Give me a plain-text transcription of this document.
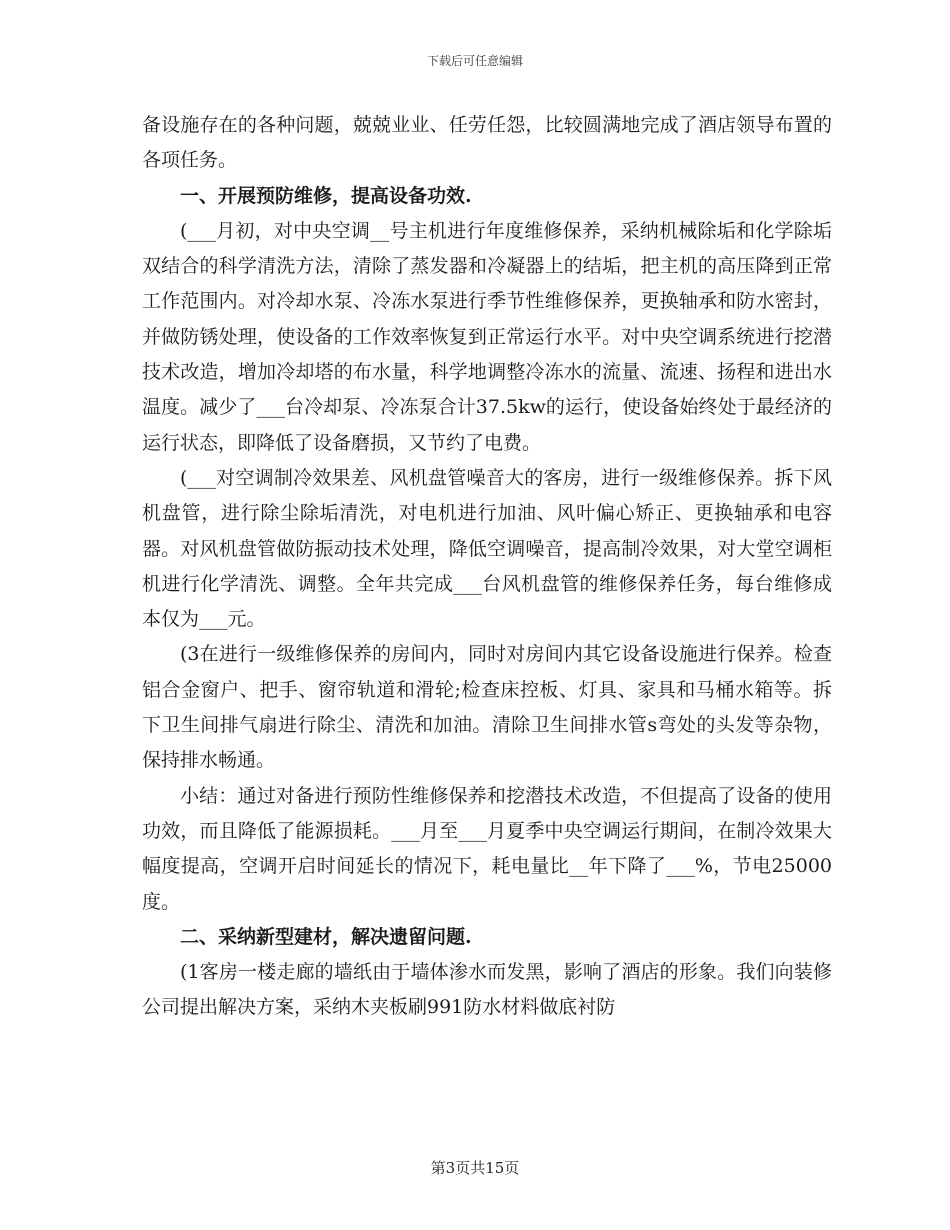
下载后可任意编辑

备设施存在的各种问题，兢兢业业、任劳任怨，比较圆满地完成了酒店领导布置的各项任务。

一、开展预防维修，提高设备功效.

(___月初，对中央空调__号主机进行年度维修保养，采纳机械除垢和化学除垢双结合的科学清洗方法，清除了蒸发器和冷凝器上的结垢，把主机的高压降到正常工作范围内。对冷却水泵、冷冻水泵进行季节性维修保养，更换轴承和防水密封，并做防锈处理，使设备的工作效率恢复到正常运行水平。对中央空调系统进行挖潜技术改造，增加冷却塔的布水量，科学地调整冷冻水的流量、流速、扬程和进出水温度。减少了___台冷却泵、冷冻泵合计37.5kw的运行，使设备始终处于最经济的运行状态，即降低了设备磨损，又节约了电费。

(___对空调制冷效果差、风机盘管噪音大的客房，进行一级维修保养。拆下风机盘管，进行除尘除垢清洗，对电机进行加油、风叶偏心矫正、更换轴承和电容器。对风机盘管做防振动技术处理，降低空调噪音，提高制冷效果，对大堂空调柜机进行化学清洗、调整。全年共完成___台风机盘管的维修保养任务，每台维修成本仅为___元。

(3在进行一级维修保养的房间内，同时对房间内其它设备设施进行保养。检查铝合金窗户、把手、窗帘轨道和滑轮;检查床控板、灯具、家具和马桶水箱等。拆下卫生间排气扇进行除尘、清洗和加油。清除卫生间排水管s弯处的头发等杂物，保持排水畅通。

小结：通过对备进行预防性维修保养和挖潜技术改造，不但提高了设备的使用功效，而且降低了能源损耗。___月至___月夏季中央空调运行期间，在制冷效果大幅度提高，空调开启时间延长的情况下，耗电量比__年下降了___%，节电25000度。

二、采纳新型建材，解决遗留问题.

(1客房一楼走廊的墙纸由于墙体渗水而发黑，影响了酒店的形象。我们向装修公司提出解决方案，采纳木夹板刷991防水材料做底衬防

第3页共15页
